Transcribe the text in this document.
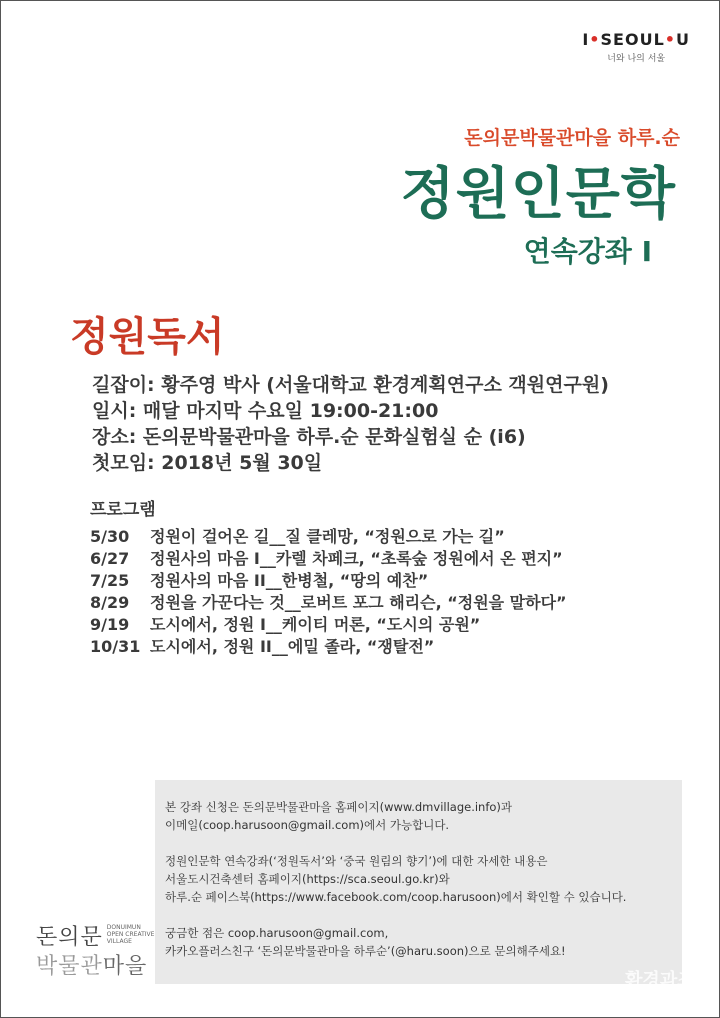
I•SEOUL•U
너와 나의 서울
돈의문박물관마을 하루.순
정원인문학
연속강좌 Ⅰ
정원독서
길잡이: 황주영 박사 (서울대학교 환경계획연구소 객원연구원)
일시: 매달 마지막 수요일 19:00-21:00
장소: 돈의문박물관마을 하루.순 문화실험실 순 (i6)
첫모임: 2018년 5월 30일
프로그램
5/30	정원이 걸어온 길__질 클레망, “정원으로 가는 길”
6/27	정원사의 마음 I__카렐 차페크, “초록숲 정원에서 온 편지”
7/25	정원사의 마음 II__한병철, “땅의 예찬”
8/29	정원을 가꾼다는 것__로버트 포그 해리슨, “정원을 말하다”
9/19	도시에서, 정원 I__케이티 머론, “도시의 공원”
10/31 도시에서, 정원 II__에밀 졸라, “쟁탈전”
본 강좌 신청은 돈의문박물관마을 홈페이지(www.dmvillage.info)과
이메일(coop.harusoon@gmail.com)에서 가능합니다.
정원인문학 연속강좌(‘정원독서’와 ‘중국 원림의 향기’)에 대한 자세한 내용은
서울도시건축센터 홈페이지(https://sca.seoul.go.kr)와
하루.순 페이스북(https://www.facebook.com/coop.harusoon)에서 확인할 수 있습니다.
궁금한 점은 coop.harusoon@gmail.com,
카카오플러스친구 ‘돈의문박물관마을 하루순’(@haru.soon)으로 문의해주세요!
돈의문 DONUIMUN
OPEN CREATIVE
VILLAGE
박물관마을
환경과조경
